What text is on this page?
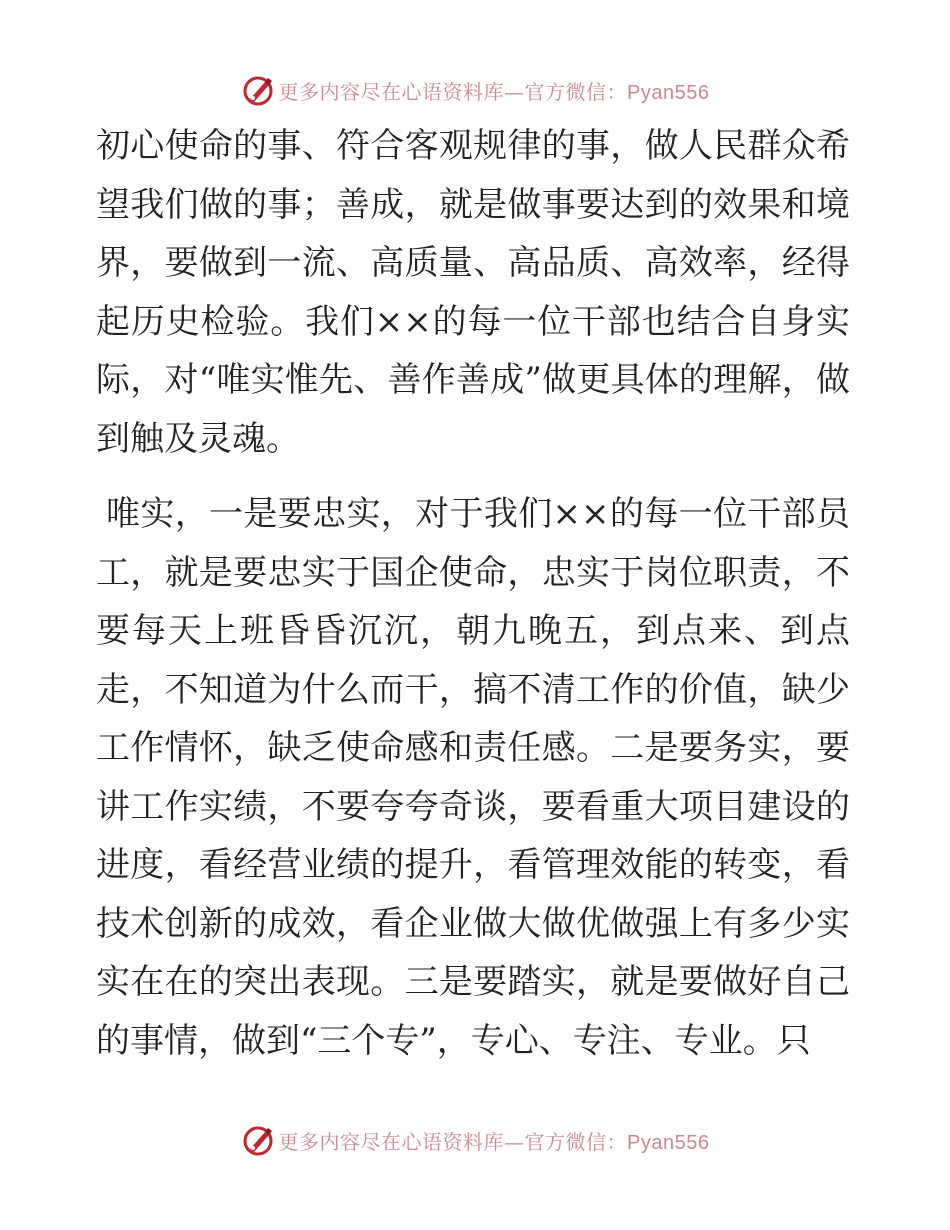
更多内容尽在心语资料库—官方微信：Pyan556

初心使命的事、符合客观规律的事，做人民群众希望我们做的事；善成，就是做事要达到的效果和境界，要做到一流、高质量、高品质、高效率，经得起历史检验。我们××的每一位干部也结合自身实际，对“唯实惟先、善作善成”做更具体的理解，做到触及灵魂。

唯实，一是要忠实，对于我们××的每一位干部员工，就是要忠实于国企使命，忠实于岗位职责，不要每天上班昏昏沉沉，朝九晚五，到点来、到点走，不知道为什么而干，搞不清工作的价值，缺少工作情怀，缺乏使命感和责任感。二是要务实，要讲工作实绩，不要夸夸奇谈，要看重大项目建设的进度，看经营业绩的提升，看管理效能的转变，看技术创新的成效，看企业做大做优做强上有多少实实在在的突出表现。三是要踏实，就是要做好自己的事情，做到“三个专”，专心、专注、专业。只

更多内容尽在心语资料库—官方微信：Pyan556
